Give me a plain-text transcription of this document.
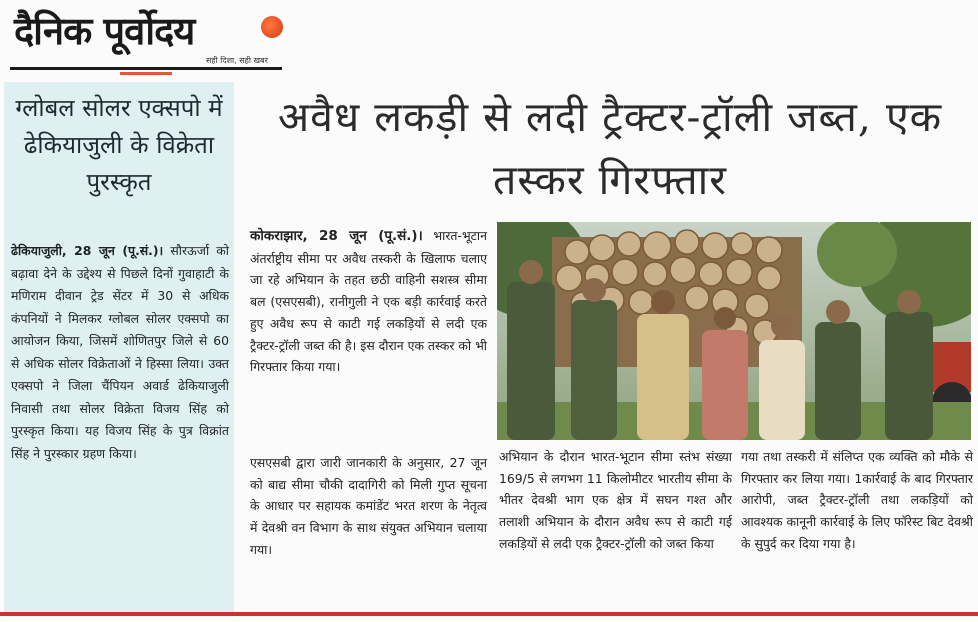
दैनिक पूर्वोदय
सही दिशा, सही खबर
ग्लोबल सोलर एक्सपो में ढेकियाजुली के विक्रेता पुरस्कृत
ढेकियाजुली, 28 जून (पू.सं.)। सौरऊर्जा को बढ़ावा देने के उद्देश्य से पिछले दिनों गुवाहाटी के मणिराम दीवान ट्रेड सेंटर में 30 से अधिक कंपनियों ने मिलकर ग्लोबल सोलर एक्सपो का आयोजन किया, जिसमें शोणितपुर जिले से 60 से अधिक सोलर विक्रेताओं ने हिस्सा लिया। उक्त एक्सपो ने जिला चैंपियन अवार्ड ढेकियाजुली निवासी तथा सोलर विक्रेता विजय सिंह को पुरस्कृत किया। यह विजय सिंह के पुत्र विक्रांत सिंह ने पुरस्कार ग्रहण किया।
अवैध लकड़ी से लदी ट्रैक्टर-ट्रॉली जब्त, एक तस्कर गिरफ्तार
कोकराझार, 28 जून (पू.सं.)। भारत-भूटान अंतर्राष्ट्रीय सीमा पर अवैध तस्करी के खिलाफ चलाए जा रहे अभियान के तहत छठी वाहिनी सशस्त्र सीमा बल (एसएसबी), रानीगुली ने एक बड़ी कार्रवाई करते हुए अवैध रूप से काटी गई लकड़ियों से लदी एक ट्रैक्टर-ट्रॉली जब्त की है। इस दौरान एक तस्कर को भी गिरफ्तार किया गया।
एसएसबी द्वारा जारी जानकारी के अनुसार, 27 जून को बाद्य सीमा चौकी दादागिरी को मिली गुप्त सूचना के आधार पर सहायक कमांडेंट भरत शरण के नेतृत्व में देवश्री वन विभाग के साथ संयुक्त अभियान चलाया गया।
अभियान के दौरान भारत-भूटान सीमा स्तंभ संख्या 169/5 से लगभग 11 किलोमीटर भारतीय सीमा के भीतर देवश्री भाग एक क्षेत्र में सघन गश्त और तलाशी अभियान के दौरान अवैध रूप से काटी गई लकड़ियों से लदी एक ट्रैक्टर-ट्रॉली को जब्त किया
गया तथा तस्करी में संलिप्त एक व्यक्ति को मौके से गिरफ्तार कर लिया गया। 1कार्रवाई के बाद गिरफ्तार आरोपी, जब्त ट्रैक्टर-ट्रॉली तथा लकड़ियों को आवश्यक कानूनी कार्रवाई के लिए फॉरेस्ट बिट देवश्री के सुपुर्द कर दिया गया है।
